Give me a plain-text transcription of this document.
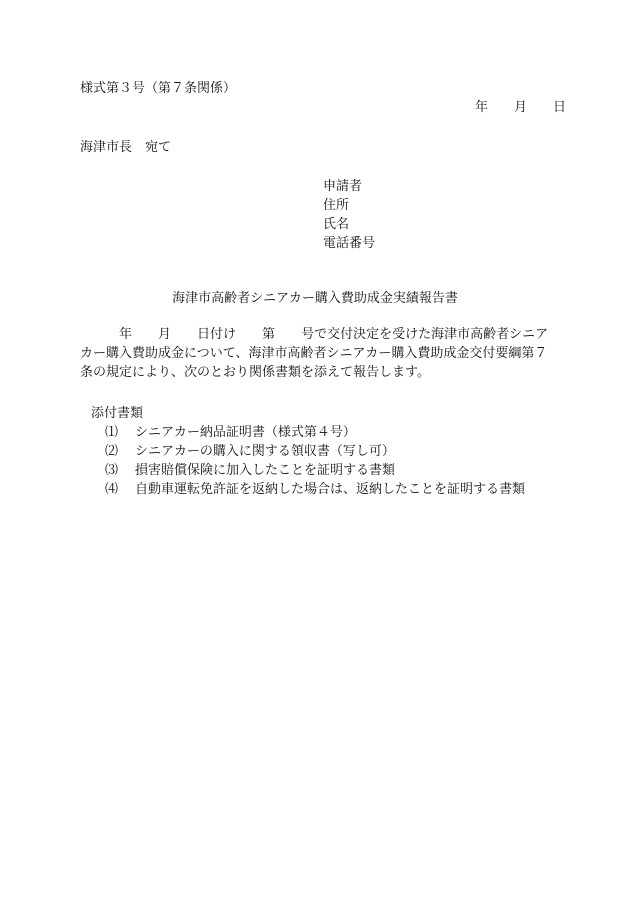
様式第３号（第７条関係）
年 月 日
海津市長　宛て
申請者
住所
氏名
電話番号
海津市高齢者シニアカー購入費助成金実績報告書
年 月 日付け 第 号で交付決定を受けた海津市高齢者シニア
カー購入費助成金について、海津市高齢者シニアカー購入費助成金交付要綱第７
条の規定により、次のとおり関係書類を添えて報告します。
添付書類
⑴ シニアカー納品証明書（様式第４号）
⑵ シニアカーの購入に関する領収書（写し可）
⑶ 損害賠償保険に加入したことを証明する書類
⑷ 自動車運転免許証を返納した場合は、返納したことを証明する書類
